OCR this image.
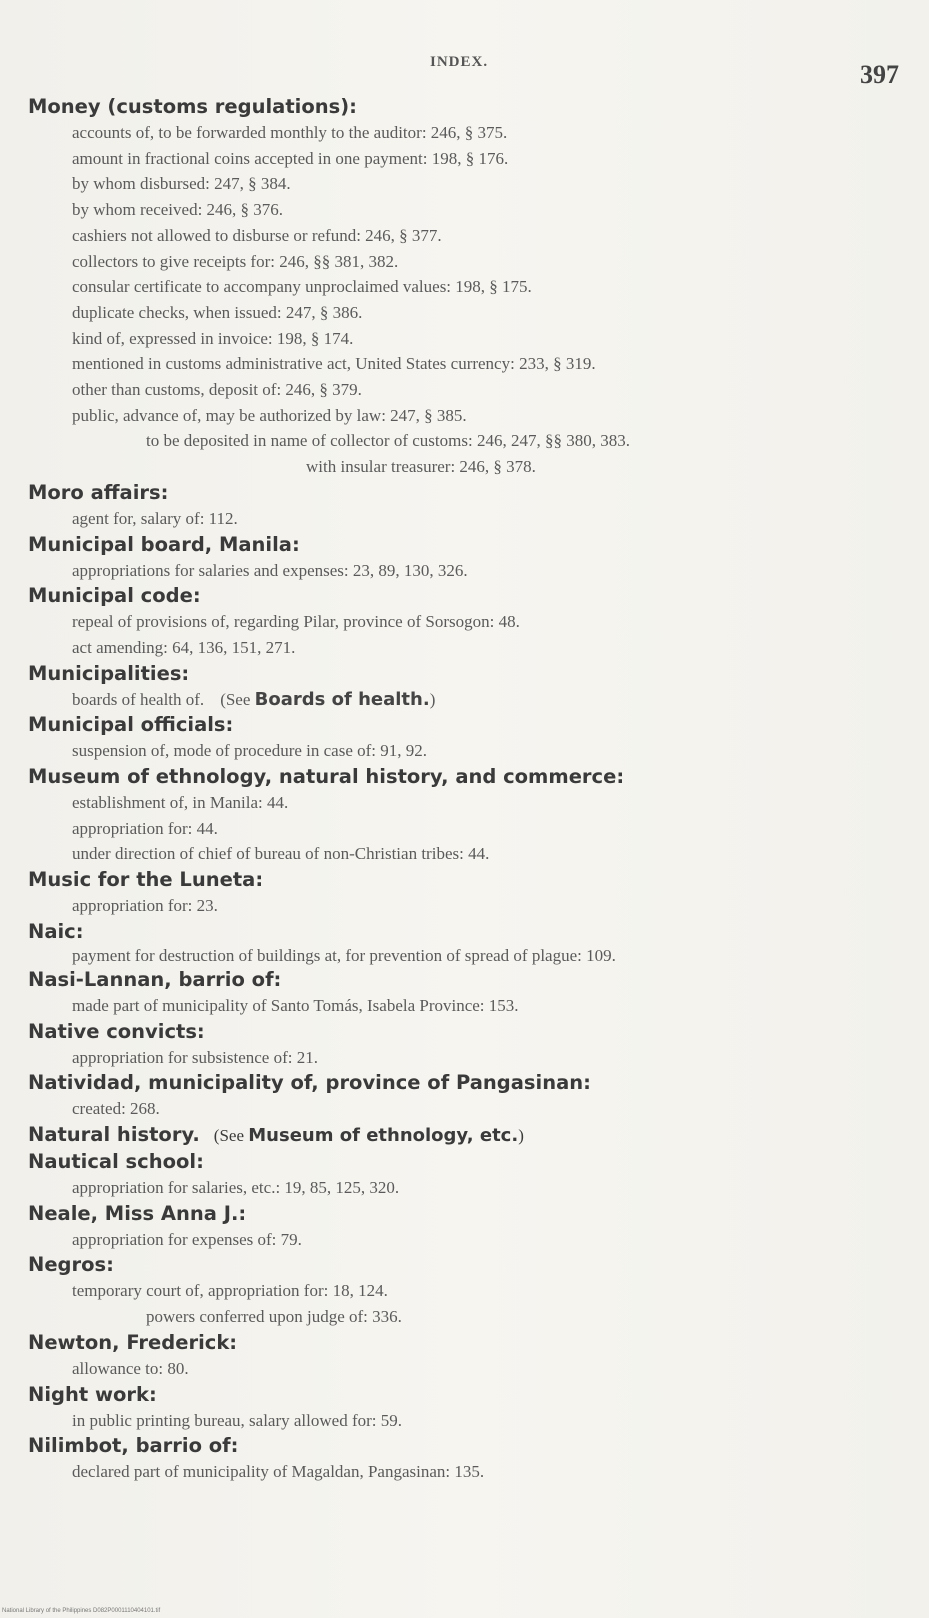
INDEX.	397
Money (customs regulations):
accounts of, to be forwarded monthly to the auditor: 246, § 375.
amount in fractional coins accepted in one payment: 198, § 176.
by whom disbursed: 247, § 384.
by whom received: 246, § 376.
cashiers not allowed to disburse or refund: 246, § 377.
collectors to give receipts for: 246, §§ 381, 382.
consular certificate to accompany unproclaimed values: 198, § 175.
duplicate checks, when issued: 247, § 386.
kind of, expressed in invoice: 198, § 174.
mentioned in customs administrative act, United States currency: 233, § 319.
other than customs, deposit of: 246, § 379.
public, advance of, may be authorized by law: 247, § 385.
to be deposited in name of collector of customs: 246, 247, §§ 380, 383.
with insular treasurer: 246, § 378.
Moro affairs:
agent for, salary of: 112.
Municipal board, Manila:
appropriations for salaries and expenses: 23, 89, 130, 326.
Municipal code:
repeal of provisions of, regarding Pilar, province of Sorsogon: 48.
act amending: 64, 136, 151, 271.
Municipalities:
boards of health of. (See Boards of health.)
Municipal officials:
suspension of, mode of procedure in case of: 91, 92.
Museum of ethnology, natural history, and commerce:
establishment of, in Manila: 44.
appropriation for: 44.
under direction of chief of bureau of non-Christian tribes: 44.
Music for the Luneta:
appropriation for: 23.
Naic:
payment for destruction of buildings at, for prevention of spread of plague: 109.
Nasi-Lannan, barrio of:
made part of municipality of Santo Tomás, Isabela Province: 153.
Native convicts:
appropriation for subsistence of: 21.
Natividad, municipality of, province of Pangasinan:
created: 268.
Natural history. (See Museum of ethnology, etc.)
Nautical school:
appropriation for salaries, etc.: 19, 85, 125, 320.
Neale, Miss Anna J.:
appropriation for expenses of: 79.
Negros:
temporary court of, appropriation for: 18, 124.
powers conferred upon judge of: 336.
Newton, Frederick:
allowance to: 80.
Night work:
in public printing bureau, salary allowed for: 59.
Nilimbot, barrio of:
declared part of municipality of Magaldan, Pangasinan: 135.
National Library of the Philippines D082P0001110404101.tif
